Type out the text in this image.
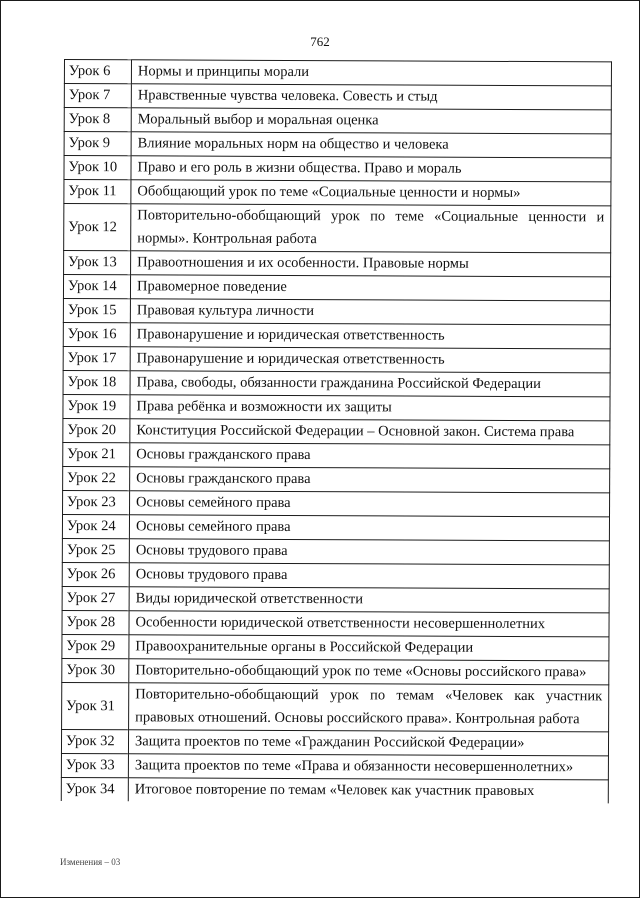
762
Урок 6	Нормы и принципы морали
Урок 7	Нравственные чувства человека. Совесть и стыд
Урок 8	Моральный выбор и моральная оценка
Урок 9	Влияние моральных норм на общество и человека
Урок 10	Право и его роль в жизни общества. Право и мораль
Урок 11	Обобщающий урок по теме «Социальные ценности и нормы»
Урок 12	Повторительно-обобщающий урок по теме «Социальные ценности и нормы». Контрольная работа
Урок 13	Правоотношения и их особенности. Правовые нормы
Урок 14	Правомерное поведение
Урок 15	Правовая культура личности
Урок 16	Правонарушение и юридическая ответственность
Урок 17	Правонарушение и юридическая ответственность
Урок 18	Права, свободы, обязанности гражданина Российской Федерации
Урок 19	Права ребёнка и возможности их защиты
Урок 20	Конституция Российской Федерации – Основной закон. Система права
Урок 21	Основы гражданского права
Урок 22	Основы гражданского права
Урок 23	Основы семейного права
Урок 24	Основы семейного права
Урок 25	Основы трудового права
Урок 26	Основы трудового права
Урок 27	Виды юридической ответственности
Урок 28	Особенности юридической ответственности несовершеннолетних
Урок 29	Правоохранительные органы в Российской Федерации
Урок 30	Повторительно-обобщающий урок по теме «Основы российского права»
Урок 31	Повторительно-обобщающий урок по темам «Человек как участник правовых отношений. Основы российского права». Контрольная работа
Урок 32	Защита проектов по теме «Гражданин Российской Федерации»
Урок 33	Защита проектов по теме «Права и обязанности несовершеннолетних»
Урок 34	Итоговое повторение по темам «Человек как участник правовых
Изменения – 03
